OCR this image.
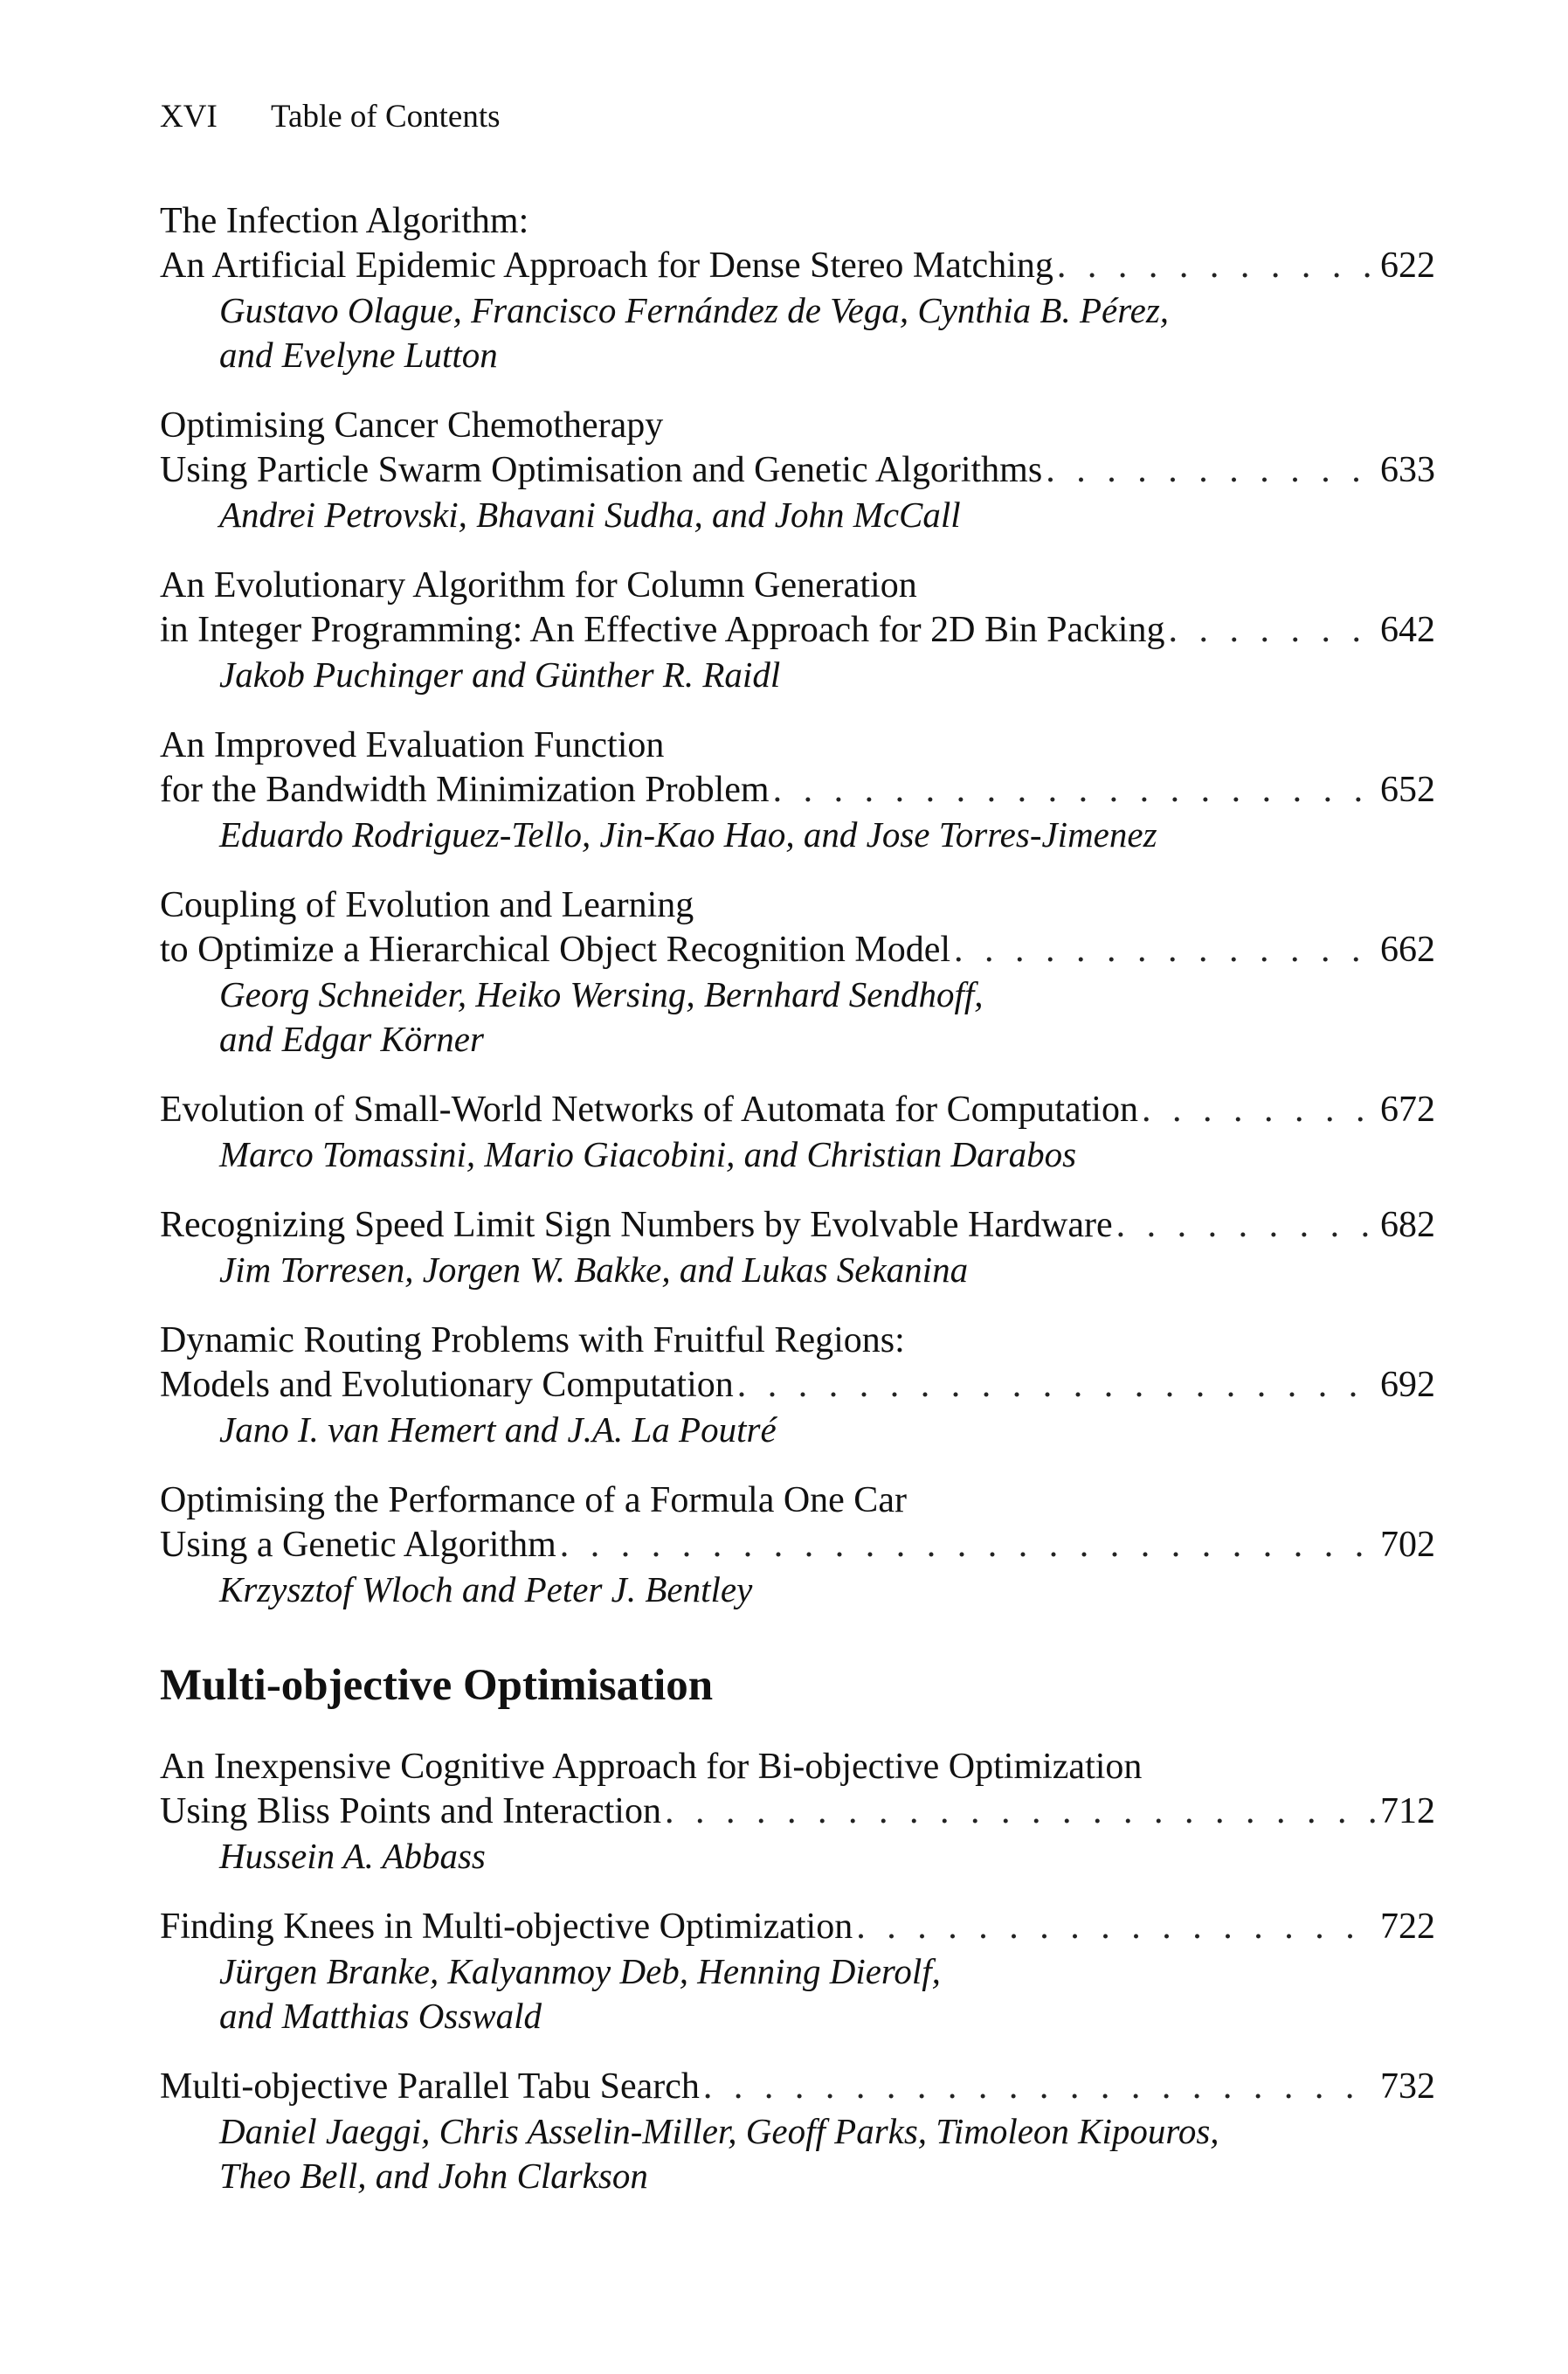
XVI Table of Contents
The Infection Algorithm:
An Artificial Epidemic Approach for Dense Stereo Matching . . .	622
Gustavo Olague, Francisco Fernández de Vega, Cynthia B. Pérez,
and Evelyne Lutton
Optimising Cancer Chemotherapy
Using Particle Swarm Optimisation and Genetic Algorithms . . .	633
Andrei Petrovski, Bhavani Sudha, and John McCall
An Evolutionary Algorithm for Column Generation
in Integer Programming: An Effective Approach for 2D Bin Packing . . .	642
Jakob Puchinger and Günther R. Raidl
An Improved Evaluation Function
for the Bandwidth Minimization Problem . . .	652
Eduardo Rodriguez-Tello, Jin-Kao Hao, and Jose Torres-Jimenez
Coupling of Evolution and Learning
to Optimize a Hierarchical Object Recognition Model . . .	662
Georg Schneider, Heiko Wersing, Bernhard Sendhoff,
and Edgar Körner
Evolution of Small-World Networks of Automata for Computation . . .	672
Marco Tomassini, Mario Giacobini, and Christian Darabos
Recognizing Speed Limit Sign Numbers by Evolvable Hardware . . .	682
Jim Torresen, Jorgen W. Bakke, and Lukas Sekanina
Dynamic Routing Problems with Fruitful Regions:
Models and Evolutionary Computation . . .	692
Jano I. van Hemert and J.A. La Poutré
Optimising the Performance of a Formula One Car
Using a Genetic Algorithm . . .	702
Krzysztof Wloch and Peter J. Bentley
Multi-objective Optimisation
An Inexpensive Cognitive Approach for Bi-objective Optimization
Using Bliss Points and Interaction . . .	712
Hussein A. Abbass
Finding Knees in Multi-objective Optimization . . .	722
Jürgen Branke, Kalyanmoy Deb, Henning Dierolf,
and Matthias Osswald
Multi-objective Parallel Tabu Search . . .	732
Daniel Jaeggi, Chris Asselin-Miller, Geoff Parks, Timoleon Kipouros,
Theo Bell, and John Clarkson
